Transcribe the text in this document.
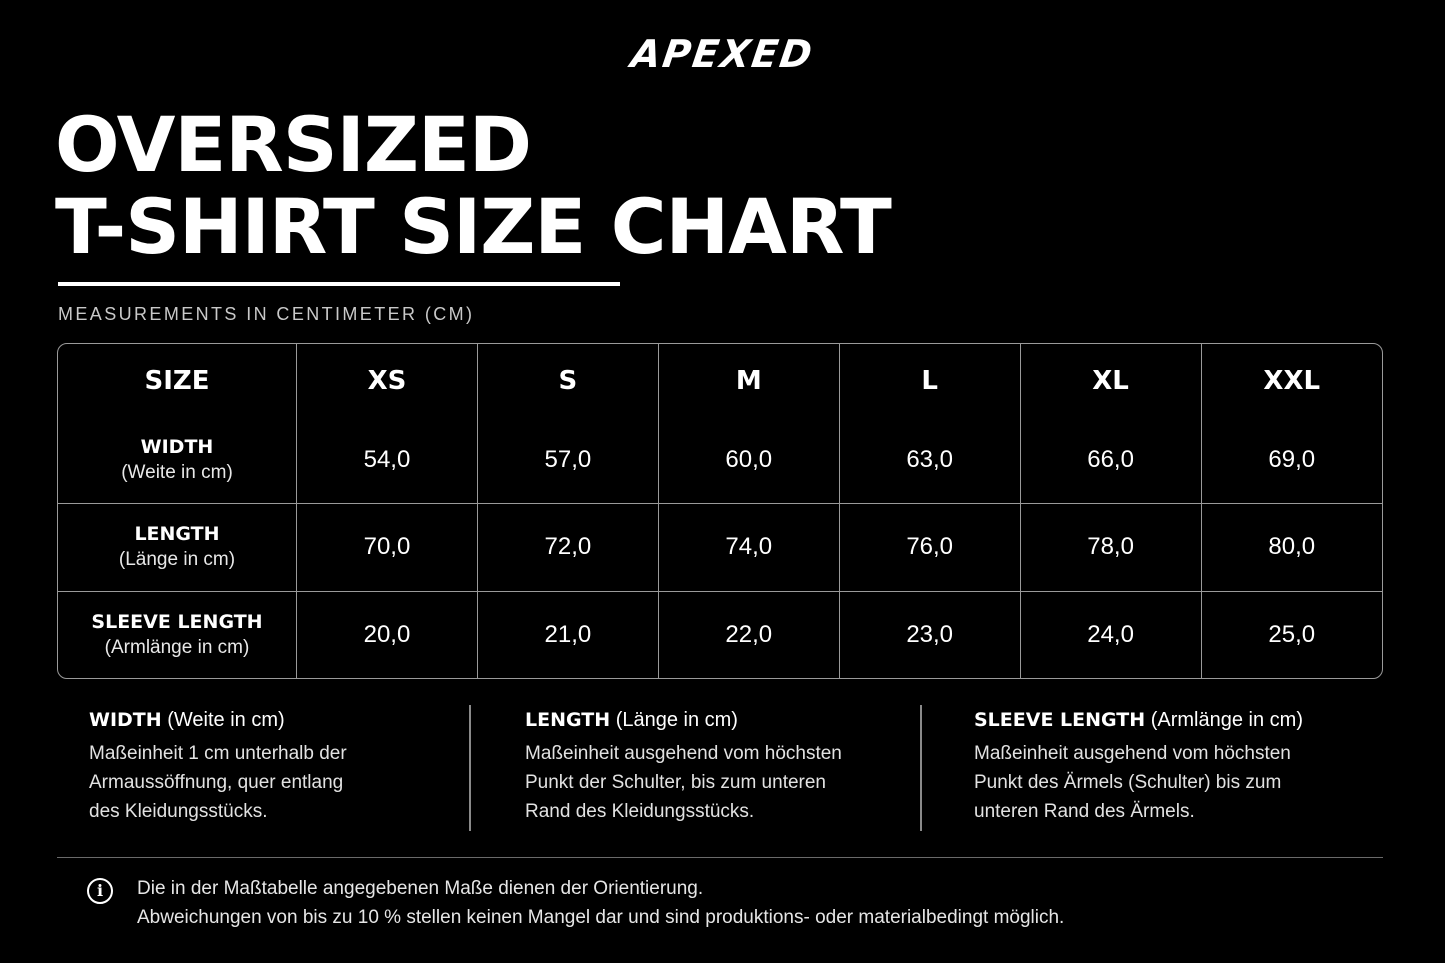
APEXED
OVERSIZED
T-SHIRT SIZE CHART
MEASUREMENTS IN CENTIMETER (CM)
SIZE	XS	S	M	L	XL	XXL

WIDTH
(Weite in cm)	54,0	57,0	60,0	63,0	66,0	69,0

LENGTH
(Länge in cm)	70,0	72,0	74,0	76,0	78,0	80,0

SLEEVE LENGTH
(Armlänge in cm)	20,0	21,0	22,0	23,0	24,0	25,0
WIDTH (Weite in cm)
Maßeinheit 1 cm unterhalb der
Armaussöffnung, quer entlang
des Kleidungsstücks.
LENGTH (Länge in cm)
Maßeinheit ausgehend vom höchsten
Punkt der Schulter, bis zum unteren
Rand des Kleidungsstücks.
SLEEVE LENGTH (Armlänge in cm)
Maßeinheit ausgehend vom höchsten
Punkt des Ärmels (Schulter) bis zum
unteren Rand des Ärmels.
i	Die in der Maßtabelle angegebenen Maße dienen der Orientierung.
Abweichungen von bis zu 10 % stellen keinen Mangel dar und sind produktions- oder materialbedingt möglich.
